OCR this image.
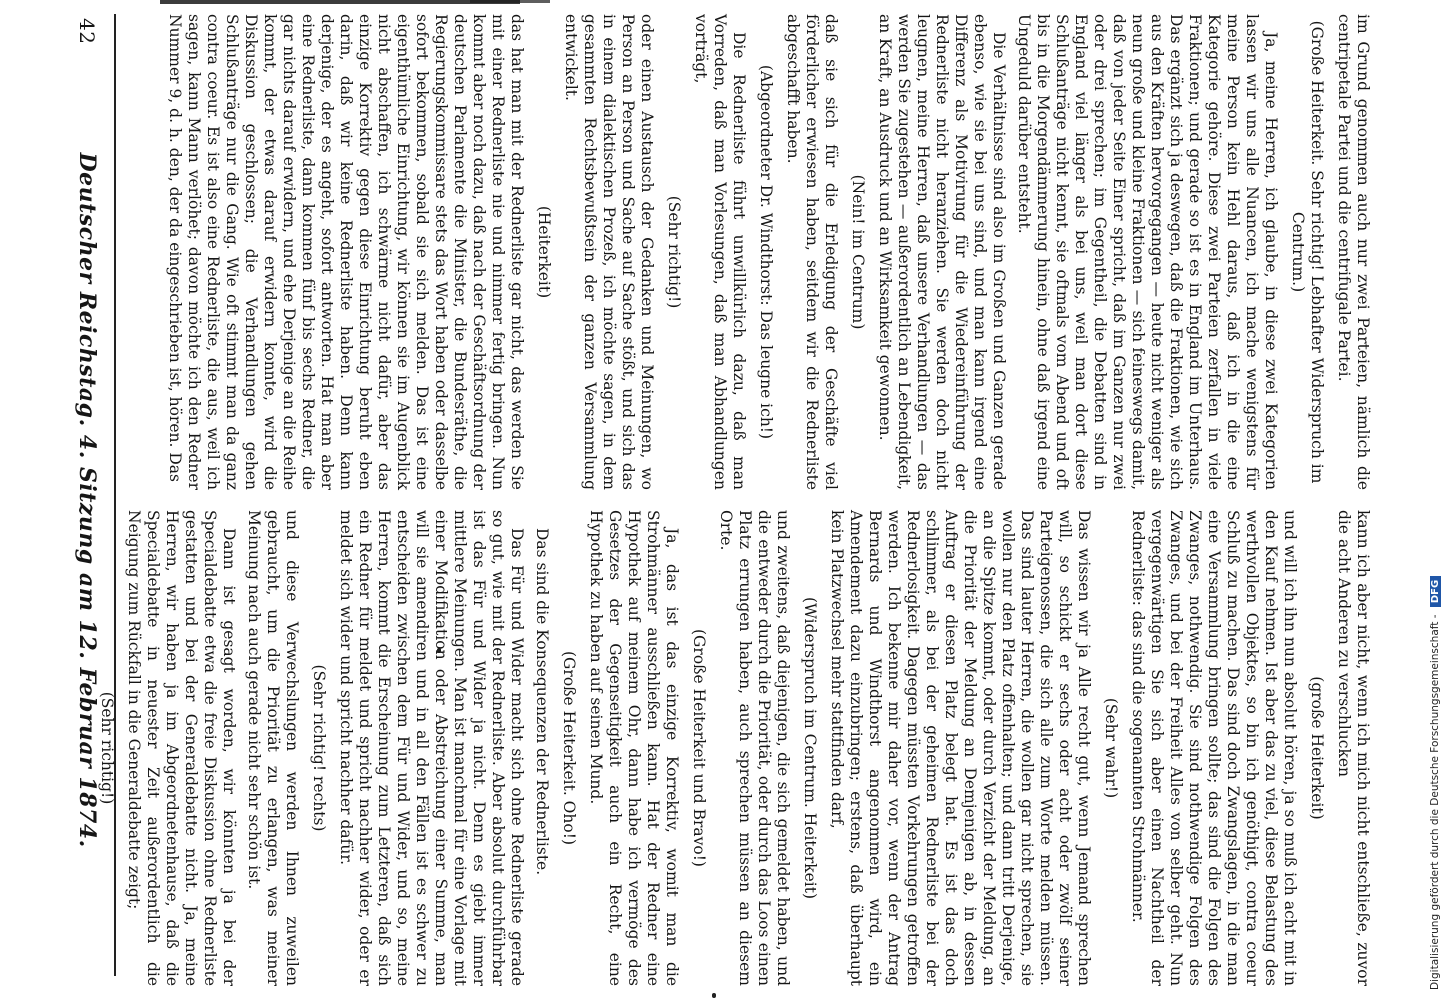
42
Deutscher Reichstag. 4. Sitzung am 12. Februar 1874.	im Grund genommen auch nur zwei Parteien, nämlich die centripetale Partei und die centrifugale Partei.

(Große Heiterkeit. Sehr richtig! Lebhafter Widerspruch im Centrum.)

Ja, meine Herren, ich glaube, in diese zwei Kategorien lassen wir uns alle Nuancen, ich mache wenigstens für meine Person kein Hehl daraus, daß ich in die eine Kategorie gehöre. Diese zwei Parteien zerfallen in viele Fraktionen; und gerade so ist es in England im Unterhaus. Das ergänzt sich ja deswegen, daß die Fraktionen, wie sich aus den Kräften hervorgegangen — heute nicht weniger als neun große und kleine Fraktionen — sich feineswegs damit, daß von jeder Seite Einer spricht, daß im Ganzen nur zwei oder drei sprechen; im Gegentheil, die Debatten sind in England viel länger als bei uns, weil man dort diese Schlußanträge nicht kennt, sie oftmals vom Abend und oft bis in die Morgendämmerung hinein, ohne daß irgend eine Ungeduld darüber entsteht.

Die Verhältnisse sind also im Großen und Ganzen gerade ebenso, wie sie bei uns sind, und man kann irgend eine Differenz als Motivirung für die Wiedereinführung der Rednerliste nicht heranziehen. Sie werden doch nicht leugnen, meine Herren, daß unsere Verhandlungen — das werden Sie zugestehen — außerordentlich an Lebendigkeit, an Kraft, an Ausdruck und an Wirksamkeit gewonnen.

(Nein! im Centrum)

daß sie sich für die Erledigung der Geschäfte viel förderlicher erwiesen haben, seitdem wir die Rednerliste abgeschafft haben.

(Abgeordneter Dr. Windthorst: Das leugne ich!)

Die Rednerliste führt unwillkürlich dazu, daß man Vorreden, daß man Vorlesungen, daß man Abhandlungen vorträgt,

(Sehr richtig!)

oder einen Austausch der Gedanken und Meinungen, wo Person an Person und Sache auf Sache stößt, und sich das in einem dialektischen Prozeß, ich möchte sagen, in dem gesammten Rechtsbewußtsein der ganzen Versammlung entwickelt.

(Heiterkeit)

das hat man mit der Rednerliste gar nicht, das werden Sie mit einer Rednerliste nie und nimmer fertig bringen. Nun kommt aber noch dazu, daß nach der Geschäftsordnung der deutschen Parlamente die Minister, die Bundesräthe, die Regierungskommissare stets das Wort haben oder dasselbe sofort bekommen, sobald sie sich melden. Das ist eine eigenthümliche Einrichtung, wir können sie im Augenblick nicht abschaffen, ich schwärme nicht dafür, aber das einzige Korrektiv gegen diese Einrichtung beruht eben darin, daß wir keine Rednerliste haben. Denn kann derjenige, der es angeht, sofort antworten. Hat man aber eine Rednerliste, dann kommen fünf bis sechs Redner, die gar nichts darauf erwidern, und ehe Derjenige an die Reihe kommt, der etwas darauf erwidern konnte, wird die Diskussion geschlossen; die Verhandlungen gehen Schlußanträge nur die Gang. Wie oft stimmt man da ganz contra coeur. Es ist also eine Rednerliste, die aus, weil ich sagen, kann Mann verlöhet; davon möchte ich den Redner Nummer 9, d. h. den, der da eingeschrieben ist, hören. Das

kann ich aber nicht, wenn ich mich nicht entschließe, zuvor die acht Anderen zu verschlucken

(große Heiterkeit)

und will ich ihn nun absolut hören, ja so muß ich acht mit in den Kauf nehmen. Ist aber das zu viel, diese Belastung des werthvollen Objektes, so bin ich genöthigt, contra coeur Schluß zu machen. Das sind doch Zwangslagen, in die man eine Versammlung bringen sollte; das sind die Folgen des Zwanges, nothwendig. Sie sind nothwendige Folgen des Zwanges, und bei der Freiheit Alles von selber geht. Nun vergegenwärtigen Sie sich aber einen Nachtheil der Rednerliste: das sind die sogenannten Strohmänner.

(Sehr wahr!)

Das wissen wir ja Alle recht gut, wenn Jemand sprechen will, so schickt er sechs oder acht oder zwölf seiner Parteigenossen, die sich alle zum Worte melden müssen. Das sind lauter Herren, die wollen gar nicht sprechen, sie wollen nur den Platz offenhalten; und dann tritt Derjenige, an die Spitze kommt, oder durch Verzicht der Meldung, an die Priorität der Meldung an Demjenigen ab, in dessen Auftrag er diesen Platz belegt hat. Es ist das doch schlimmer, als bei der geheimen Rednerliste bei der Rednerlosigkeit. Dagegen müssten Vorkehrungen getroffen werden. Ich bekenne mir daher vor, wenn der Antrag Bernards und Windthorst angenommen wird, ein Amendement dazu einzubringen; erstens, daß überhaupt kein Platzwechsel mehr stattfinden darf,

(Widerspruch im Centrum. Heiterkeit)

und zweitens, daß diejenigen, die sich gemeldet haben, und die entweder durch die Priorität, oder durch das Loos einen Platz errungen haben, auch sprechen müssen an diesem Orte.

(Große Heiterkeit und Bravo!)

Ja, das ist das einzige Korrektiv, womit man die Strohmänner ausschließen kann. Hat der Redner eine Hypothek auf meinem Ohr, dann habe ich vermöge des Gesetzes der Gegenseitigkeit auch ein Recht, eine Hypothek zu haben auf seinen Mund.

(Große Heiterkeit. Oho!)

Das sind die Konsequenzen der Rednerliste.

Das Für und Wider macht sich ohne Rednerliste gerade so gut, wie mit der Rednerliste. Aber absolut durchführbar ist das Für und Wider ja nicht. Denn es giebt immer mittlere Meinungen. Man ist manchmal für eine Vorlage mit einer Modifikation oder Abstreichung einer Summe, man will sie amendiren und in all den Fällen ist es schwer zu entscheiden zwischen dem Für und Wider, und so, meine Herren, kommt die Erscheinung zum Letzteren, daß sich ein Redner für meldet und spricht nachher wider, oder er meldet sich wider und spricht nachher dafür.

(Sehr richtig! rechts)

und diese Verwechslungen werden Ihnen zuweilen gebraucht, um die Priorität zu erlangen, was meiner Meinung nach auch gerade nicht sehr schön ist.

Dann ist gesagt worden, wir könnten ja bei der Specialdebatte etwa die freie Diskussion ohne Rednerliste gestatten und bei der Generaldebatte nicht. Ja, meine Herren, wir haben ja im Abgeordnetenhause, daß die Specialdebatte in neuester Zeit außerordentlich die Neigung zum Rückfall in die Generaldebatte zeigt;

(Sehr richtig!)	Digitalisierung gefördert durch die Deutsche Forschungsgemeinschaft - DFG
